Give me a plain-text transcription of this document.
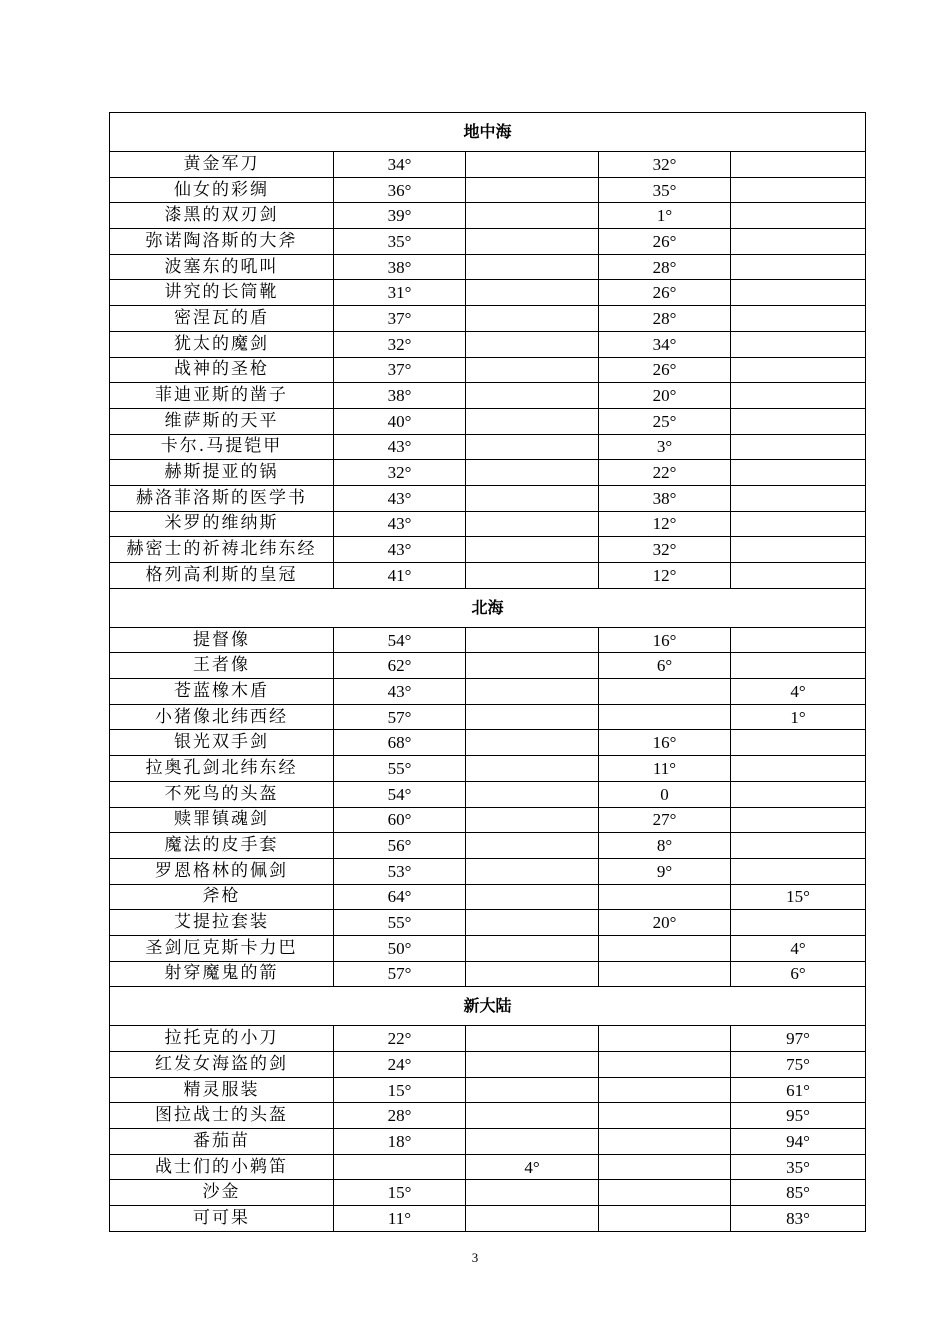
地中海				
黄金军刀	34°		32°	
仙女的彩绸	36°		35°	
漆黑的双刃剑	39°		1°	
弥诺陶洛斯的大斧	35°		26°	
波塞东的吼叫	38°		28°	
讲究的长筒靴	31°		26°	
密涅瓦的盾	37°		28°	
犹太的魔剑	32°		34°	
战神的圣枪	37°		26°	
菲迪亚斯的凿子	38°		20°	
维萨斯的天平	40°		25°	
卡尔.马提铠甲	43°		3°	
赫斯提亚的锅	32°		22°	
赫洛菲洛斯的医学书	43°		38°	
米罗的维纳斯	43°		12°	
赫密士的祈祷北纬东经	43°		32°	
格列高利斯的皇冠	41°		12°	
北海				
提督像	54°		16°	
王者像	62°		6°	
苍蓝橡木盾	43°			4°
小猪像北纬西经	57°			1°
银光双手剑	68°		16°	
拉奥孔剑北纬东经	55°		11°	
不死鸟的头盔	54°		0	
赎罪镇魂剑	60°		27°	
魔法的皮手套	56°		8°	
罗恩格林的佩剑	53°		9°	
斧枪	64°			15°
艾提拉套装	55°		20°	
圣剑厄克斯卡力巴	50°			4°
射穿魔鬼的箭	57°			6°
新大陆				
拉托克的小刀	22°			97°
红发女海盗的剑	24°			75°
精灵服装	15°			61°
图拉战士的头盔	28°			95°
番茄苗	18°			94°
战士们的小鹈笛		4°		35°
沙金	15°			85°
可可果	11°			83°
3
